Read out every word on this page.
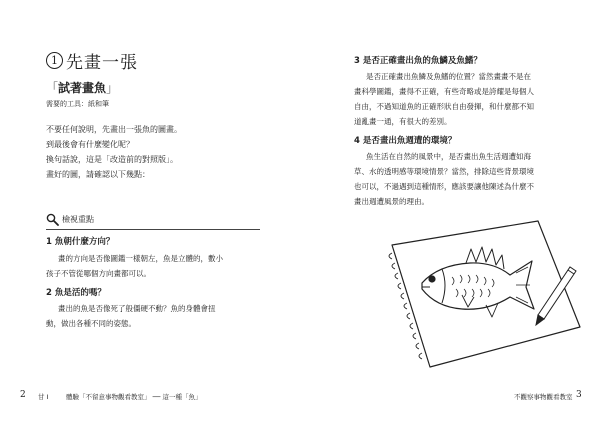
1 先畫一張
「試著畫魚」
需要的工具：紙和筆
不要任何說明，先畫出一張魚的圖畫。
到最後會有什麼變化呢？
換句話說，這是「改造前的對照版」。
畫好的圖，請確認以下幾點：
檢視重點
1 魚朝什麼方向？
畫的方向是否像圖鑑一樣朝左，魚是立體的，數小
孩子不管從哪個方向畫都可以。
2 魚是活的嗎？
畫出的魚是否像死了般僵硬不動？魚的身體會扭
動，做出各種不同的姿態。
2 甘 Ⅰ	體驗「不留意事物觀看教室」 ── 這一種「魚」
3 是否正確畫出魚的魚鱗及魚鰭？
是否正確畫出魚鱗及魚鰭的位置？當然畫畫不是在
畫科學圖鑑，畫得不正確，有些奇略或是誇耀是每個人
自由，不過知道魚的正確形狀自由發揮，和什麼都不知
道亂畫一通，有很大的差別。
4 是否畫出魚週遭的環境？
魚生活在自然的風景中，是否畫出魚生活週遭如海
草、水的透明感等環境情景？當然，排除這些背景環境
也可以，不過遇到這種情形，應該要讓他陳述為什麼不
畫出週遭風景的理由。
不觀察事物觀看教室 3
